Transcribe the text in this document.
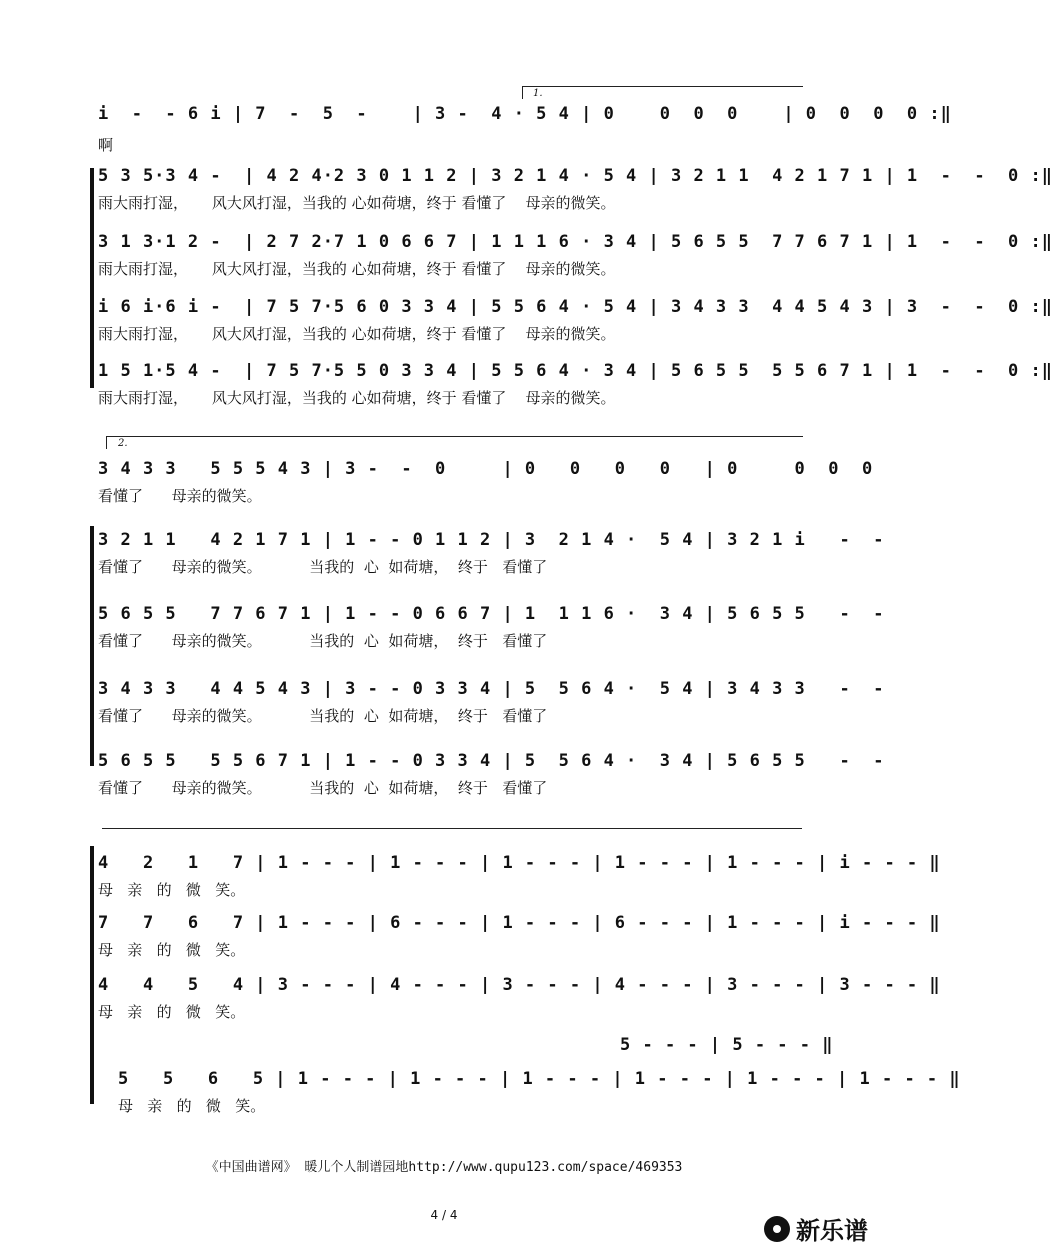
1.
i  -  - 6 i | 7  -  5  -    | 3 -  4 · 5 4 | 0    0  0  0    | 0  0  0  0 :‖
啊
5 3 5·3 4 -  | 4 2 4·2 3 0 1 1 2 | 3 2 1 4 · 5 4 | 3 2 1 1  4 2 1 7 1 | 1  -  -  0 :‖
雨大雨打湿，     风大风打湿，当我的 心如荷塘，终于 看懂了    母亲的微笑。
3 1 3·1 2 -  | 2 7 2·7 1 0 6 6 7 | 1 1 1 6 · 3 4 | 5 6 5 5  7 7 6 7 1 | 1  -  -  0 :‖
雨大雨打湿，     风大风打湿，当我的 心如荷塘，终于 看懂了    母亲的微笑。
i 6 i·6 i -  | 7 5 7·5 6 0 3 3 4 | 5 5 6 4 · 5 4 | 3 4 3 3  4 4 5 4 3 | 3  -  -  0 :‖
雨大雨打湿，     风大风打湿，当我的 心如荷塘，终于 看懂了    母亲的微笑。
1 5 1·5 4 -  | 7 5 7·5 5 0 3 3 4 | 5 5 6 4 · 3 4 | 5 6 5 5  5 5 6 7 1 | 1  -  -  0 :‖
雨大雨打湿，     风大风打湿，当我的 心如荷塘，终于 看懂了    母亲的微笑。
2.
3 4 3 3   5 5 5 4 3 | 3 -  -  0     | 0   0   0   0   | 0     0  0  0
看懂了      母亲的微笑。
3 2 1 1   4 2 1 7 1 | 1 - - 0 1 1 2 | 3  2 1 4 ·  5 4 | 3 2 1 i   -  -
看懂了      母亲的微笑。          当我的  心  如荷塘，  终于   看懂了
5 6 5 5   7 7 6 7 1 | 1 - - 0 6 6 7 | 1  1 1 6 ·  3 4 | 5 6 5 5   -  -
看懂了      母亲的微笑。          当我的  心  如荷塘，  终于   看懂了
3 4 3 3   4 4 5 4 3 | 3 - - 0 3 3 4 | 5  5 6 4 ·  5 4 | 3 4 3 3   -  -
看懂了      母亲的微笑。          当我的  心  如荷塘，  终于   看懂了
5 6 5 5   5 5 6 7 1 | 1 - - 0 3 3 4 | 5  5 6 4 ·  3 4 | 5 6 5 5   -  -
看懂了      母亲的微笑。          当我的  心  如荷塘，  终于   看懂了
4   2   1   7 | 1 - - - | 1 - - - | 1 - - - | 1 - - - | 1 - - - | i - - - ‖
母   亲   的   微   笑。
7   7   6   7 | 1 - - - | 6 - - - | 1 - - - | 6 - - - | 1 - - - | i - - - ‖
母   亲   的   微   笑。
4   4   5   4 | 3 - - - | 4 - - - | 3 - - - | 4 - - - | 3 - - - | 3 - - - ‖
母   亲   的   微   笑。
5 - - - | 5 - - - ‖
5   5   6   5 | 1 - - - | 1 - - - | 1 - - - | 1 - - - | 1 - - - | 1 - - - ‖
母   亲   的   微   笑。
《中国曲谱网》 暖儿个人制谱园地http://www.qupu123.com/space/469353
4 / 4
新乐谱
